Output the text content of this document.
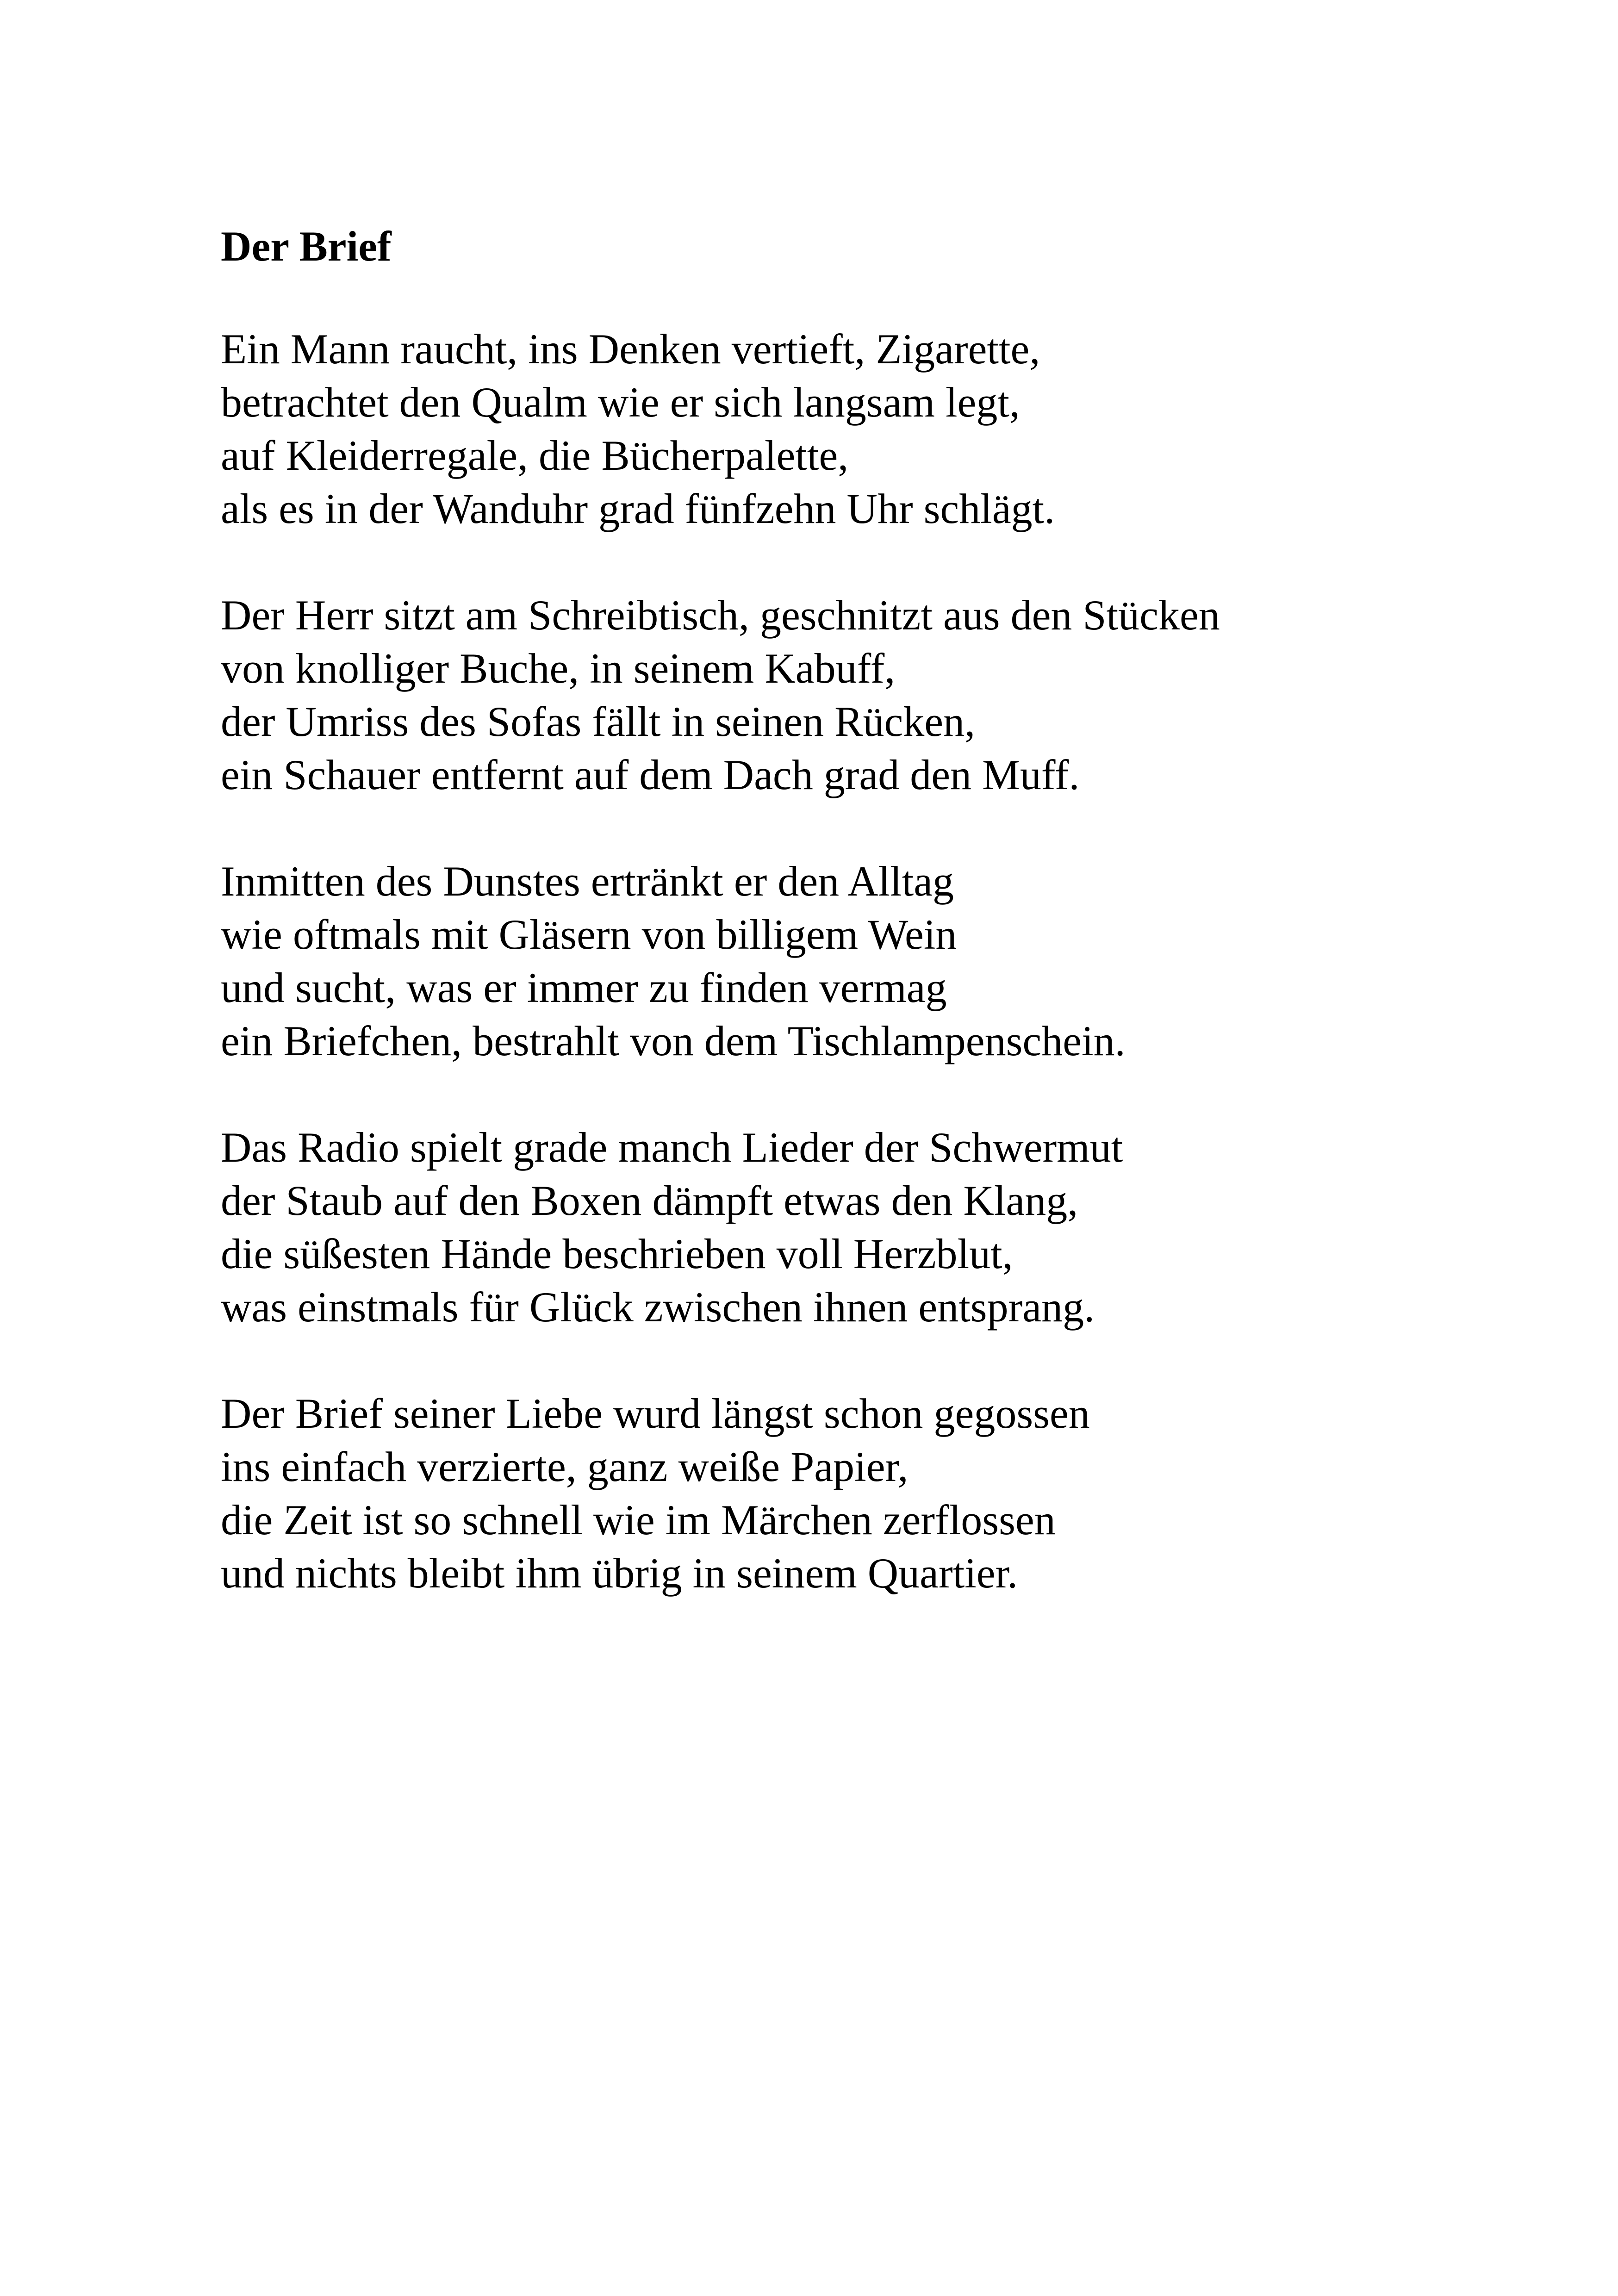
Der Brief
Ein Mann raucht, ins Denken vertieft, Zigarette,
betrachtet den Qualm wie er sich langsam legt,
auf Kleiderregale, die Bücherpalette,
als es in der Wanduhr grad fünfzehn Uhr schlägt.
Der Herr sitzt am Schreibtisch, geschnitzt aus den Stücken
von knolliger Buche, in seinem Kabuff,
der Umriss des Sofas fällt in seinen Rücken,
ein Schauer entfernt auf dem Dach grad den Muff.
Inmitten des Dunstes ertränkt er den Alltag
wie oftmals mit Gläsern von billigem Wein
und sucht, was er immer zu finden vermag
ein Briefchen, bestrahlt von dem Tischlampenschein.
Das Radio spielt grade manch Lieder der Schwermut
der Staub auf den Boxen dämpft etwas den Klang,
die süßesten Hände beschrieben voll Herzblut,
was einstmals für Glück zwischen ihnen entsprang.
Der Brief seiner Liebe wurd längst schon gegossen
ins einfach verzierte, ganz weiße Papier,
die Zeit ist so schnell wie im Märchen zerflossen
und nichts bleibt ihm übrig in seinem Quartier.
